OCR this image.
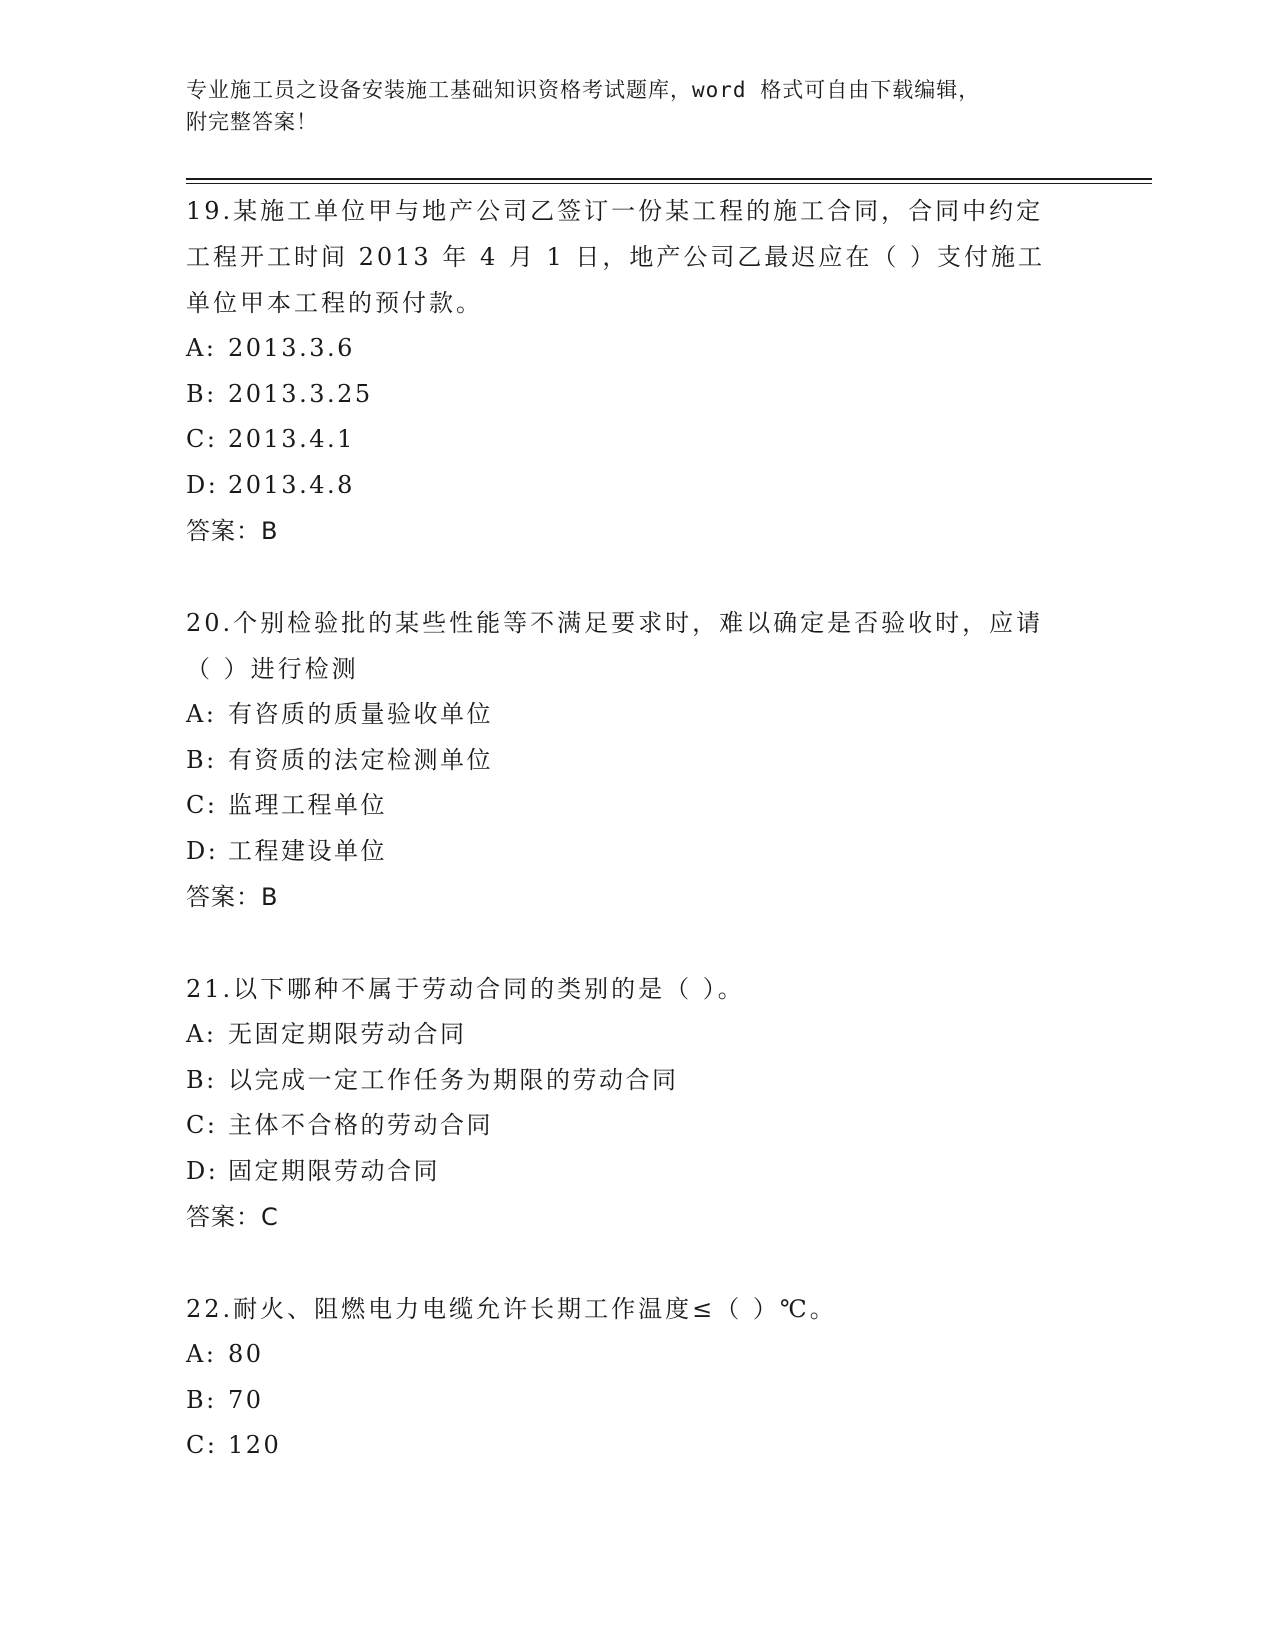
专业施工员之设备安装施工基础知识资格考试题库，word 格式可自由下载编辑，
附完整答案！

19.某施工单位甲与地产公司乙签订一份某工程的施工合同，合同中约定工程开工时间 2013 年 4 月 1 日，地产公司乙最迟应在（ ）支付施工单位甲本工程的预付款。

A: 2013.3.6

B: 2013.3.25

C: 2013.4.1

D: 2013.4.8

答案：B

20.个别检验批的某些性能等不满足要求时，难以确定是否验收时，应请（ ）进行检测

A: 有咨质的质量验收单位

B: 有资质的法定检测单位

C: 监理工程单位

D: 工程建设单位

答案：B

21.以下哪种不属于劳动合同的类别的是（ ）。

A: 无固定期限劳动合同

B: 以完成一定工作任务为期限的劳动合同

C: 主体不合格的劳动合同

D: 固定期限劳动合同

答案：C

22.耐火、阻燃电力电缆允许长期工作温度≤（ ）℃。

A: 80

B: 70

C: 120
